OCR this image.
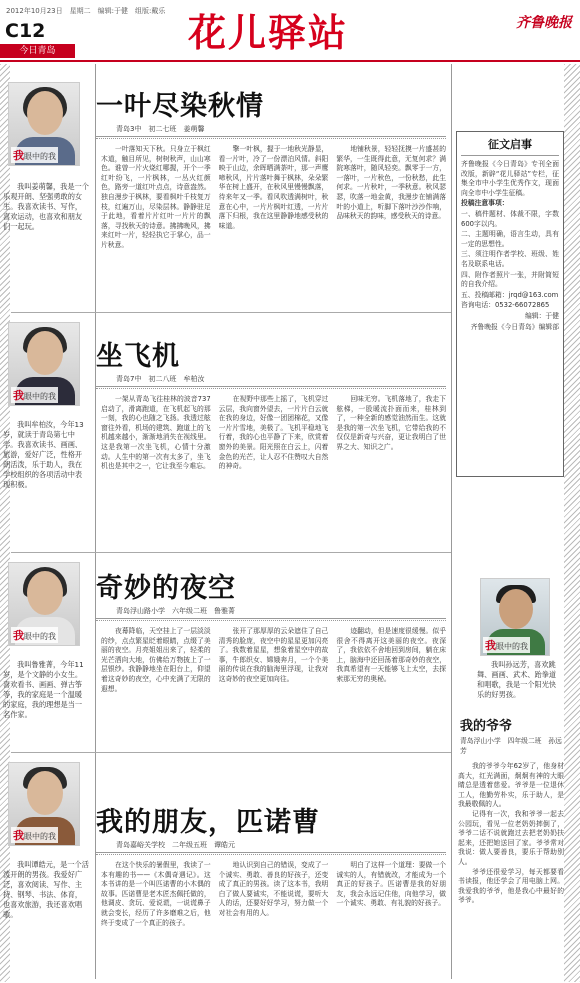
2012年10月23日　星期二　编辑:于健　组版:戴乐
C12
今日青岛	花儿驿站	齐鲁晚报
我眼中的我
我叫姜萌馨，我是一个乐观开朗、坚强勇敢的女生。我喜欢读书、写作，喜欢运动，也喜欢和朋友们一起玩。
一叶尽染秋情
青岛3中　初二七班　姜萌馨

一叶落知天下秋。只身立于枫红木道，触目所见，树树秋声，山山寒色。谁曾一片火烧红哪握，开个一季红叶纷飞，一片枫林，一丛火红颜色，路旁一道红叶点点，诗意盎然。独自漫步于枫林，要看枫叶千枝复万枝，红遍万山，尽染层林。静静驻足于此地，看着片片红叶一片片的飘落，寻找秋天的诗意。拂拂晚风，拂来红叶一片，轻轻执它于掌心，品一片秋意。

擎一叶枫，握于一地秋光静显，看一片叶，冷了一份漂泊风情。斜阳映于山边，余晖晒满荼叶，那一声鹰啼秋风，片片落叶舞于枫林，朵朵繁华在树上盛开，在秋风里慢慢飘落，待来年又一季。看风吹透满树叶，秋意在心中，一片片枫叶红透，一片片落下归根，我在这里静静地感受秋的味道。

地铺秋景，轻轻抚摸一片盛甚的繁华，一生既得此意，无复何求？满院寒落叶，随风轻奕。飘零于一方，一落叶，一片秋色，一份秋愁，此生何求。一片秋叶，一季秋意。秋风瑟瑟，吹落一地金黄，我漫步在铺满落叶的小道上，听脚下落叶沙沙作响，品味秋天的韵味，感受秋天的诗意。

我眼中的我
我叫牟柏汝，今年13岁，就读于青岛第七中学。我喜欢读书、画画、旅游，爱好广泛，性格开朗活泼，乐于助人，我在学校组织的各项活动中表现积极。
坐飞机
青岛7中　初二八班　牟柏汝

一架从青岛飞往桂林的波音737启动了，滑离跑道，在飞机起飞的那一刻，我的心也随之飞扬。我透过舷窗往外看，机场的建筑、跑道上的飞机越来越小，渐渐地消失在视线里。这是我第一次坐飞机，心情十分激动。人生中的第一次有太多了，坐飞机也是其中之一，它让我至今难忘。

在视野中那些上摇了，飞机穿过云层，我向窗外望去，一片片白云就在我的身边，好像一团团棉花，又像一片片雪地，美极了。飞机平稳地飞行着，我的心也平静了下来，欣赏着窗外的美景。阳光照在白云上，闪着金色的光芒，让人忍不住赞叹大自然的神奇。

回味无穷。飞机落地了，我走下舷梯，一股暖流扑面而来，桂林到了，一种全新的感觉油然而生。这就是我的第一次坐飞机，它带给我的不仅仅是新奇与兴奋，更让我明白了世界之大、知识之广。

我眼中的我
我叫鲁雅菁，今年11岁，是个文静的小女生。喜欢看书、画画、弹古筝等，我的家庭是一个温暖的家庭，我的理想是当一名作家。
奇妙的夜空
青岛浮山路小学　六年级二班　鲁雅菁

夜幕降临，天空挂上了一层淡淡的纱，点点繁星眨着眼睛，点缀了美丽的夜空。月亮姐姐出来了，轻柔的光芒洒向大地，仿佛给万物披上了一层银纱。我静静地坐在阳台上，仰望着这奇妙的夜空，心中充满了无限的遐想。

张开了那厚厚的云朵遮住了自己清秀的脸庞，夜空中的星星更加闪亮了。我数着星星，想象着星空中的故事，牛郎织女、嫦娥奔月，一个个美丽的传说在我的脑海里浮现，让我对这奇妙的夜空更加向往。

迹翻动，但是速度很缓慢。似乎很舍不得离开这美丽的夜空。夜深了，我依依不舍地回到房间，躺在床上，脑海中还回荡着那奇妙的夜空，我真希望有一天能够飞上太空，去探索那无穷的奥秘。

我眼中的我
我叫谭皓元，是一个活泼开朗的男孩。我爱好广泛，喜欢阅读、写作、主持、钢琴、书法、体育，也喜欢旅游，我还喜欢唱歌。
我的朋友，匹诺曹
青岛嘉峪关学校　二年级五班　谭皓元

在这个快乐的暑假里，我读了一本有趣的书——《木偶奇遇记》。这本书讲的是一个叫匹诺曹的小木偶的故事。匹诺曹是老木匠杰佩托做的，他调皮、贪玩、爱说谎，一说谎鼻子就会变长，经历了许多磨难之后，他终于变成了一个真正的孩子。

地认识到自己的错误，变成了一个诚实、勇敢、善良的好孩子，还变成了真正的男孩。读了这本书，我明白了做人要诚实，不能说谎，要听大人的话，还要好好学习，努力做一个对社会有用的人。

明白了这样一个道理：要做一个诚实的人，有错就改，才能成为一个真正的好孩子。匹诺曹是我的好朋友，我会永远记住他，向他学习，做一个诚实、勇敢、有礼貌的好孩子。

征文启事

齐鲁晚报《今日青岛》专刊全面改版，新辟“花儿驿站”专栏，征集全市中小学生优秀作文，现面向全市中小学生征稿。

投稿注意事项：

一、稿件题材、体裁不限，字数600字以内。

二、主题明确，语言生动，具有一定的思想性。

三、须注明作者学校、班级、姓名及联系电话。

四、附作者照片一张，并附简短的自我介绍。

五、投稿邮箱：jrqd@163.com

咨询电话：0532-66072865

编辑：于健

齐鲁晚报《今日青岛》编辑部

我眼中的我
我叫孙远芳，喜欢跳舞、画画、武术、跆拳道和唱歌，我是一个阳光快乐的好男孩。
我的爷爷
青岛浮山小学　四年级二班　孙远芳

我的爷爷今年62岁了，他身材高大，红光满面，炯炯有神的大眼睛总是透着慈爱。爷爷是一位退休工人，他勤劳朴实，乐于助人，是我最敬佩的人。

记得有一次，我和爷爷一起去公园玩，看见一位老奶奶摔倒了，爷爷二话不说就跑过去把老奶奶扶起来，还把她送回了家。爷爷常对我说：做人要善良，要乐于帮助别人。

爷爷还很爱学习，每天都要看书读报，他还学会了用电脑上网。我爱我的爷爷，他是我心中最好的爷爷。
